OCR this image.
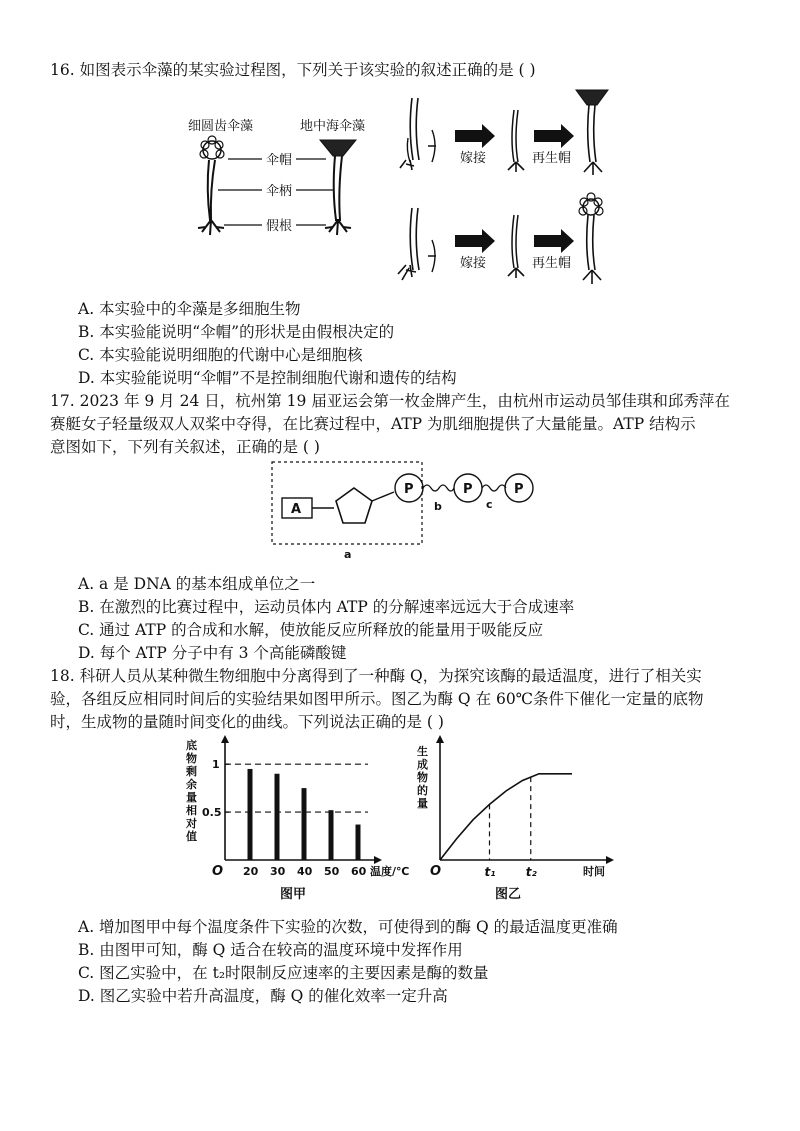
16. 如图表示伞藻的某实验过程图，下列关于该实验的叙述正确的是 ( )
细圆齿伞藻	地中海伞藻
伞帽
伞柄
假根
嫁接	再生帽
嫁接	再生帽
A. 本实验中的伞藻是多细胞生物
B. 本实验能说明“伞帽”的形状是由假根决定的
C. 本实验能说明细胞的代谢中心是细胞核
D. 本实验能说明“伞帽”不是控制细胞代谢和遗传的结构
17. 2023 年 9 月 24 日，杭州第 19 届亚运会第一枚金牌产生，由杭州市运动员邹佳琪和邱秀萍在
赛艇女子轻量级双人双桨中夺得，在比赛过程中，ATP 为肌细胞提供了大量能量。ATP 结构示
意图如下，下列有关叙述，正确的是 ( )
A
P
b
P
c
P
a
A. a 是 DNA 的基本组成单位之一
B. 在激烈的比赛过程中，运动员体内 ATP 的分解速率远远大于合成速率
C. 通过 ATP 的合成和水解，使放能反应所释放的能量用于吸能反应
D. 每个 ATP 分子中有 3 个高能磷酸键
18. 科研人员从某种微生物细胞中分离得到了一种酶 Q，为探究该酶的最适温度，进行了相关实
验，各组反应相同时间后的实验结果如图甲所示。图乙为酶 Q 在 60℃条件下催化一定量的底物
时，生成物的量随时间变化的曲线。下列说法正确的是 ( )
底
物
剩
余
量
相
对
值
0.5
1
20 30 40 50 60
O	温度/℃
图甲
生
成
物
的
量
t₁	t₂
O	时间
图乙
A. 增加图甲中每个温度条件下实验的次数，可使得到的酶 Q 的最适温度更准确
B. 由图甲可知，酶 Q 适合在较高的温度环境中发挥作用
C. 图乙实验中，在 t₂时限制反应速率的主要因素是酶的数量
D. 图乙实验中若升高温度，酶 Q 的催化效率一定升高
